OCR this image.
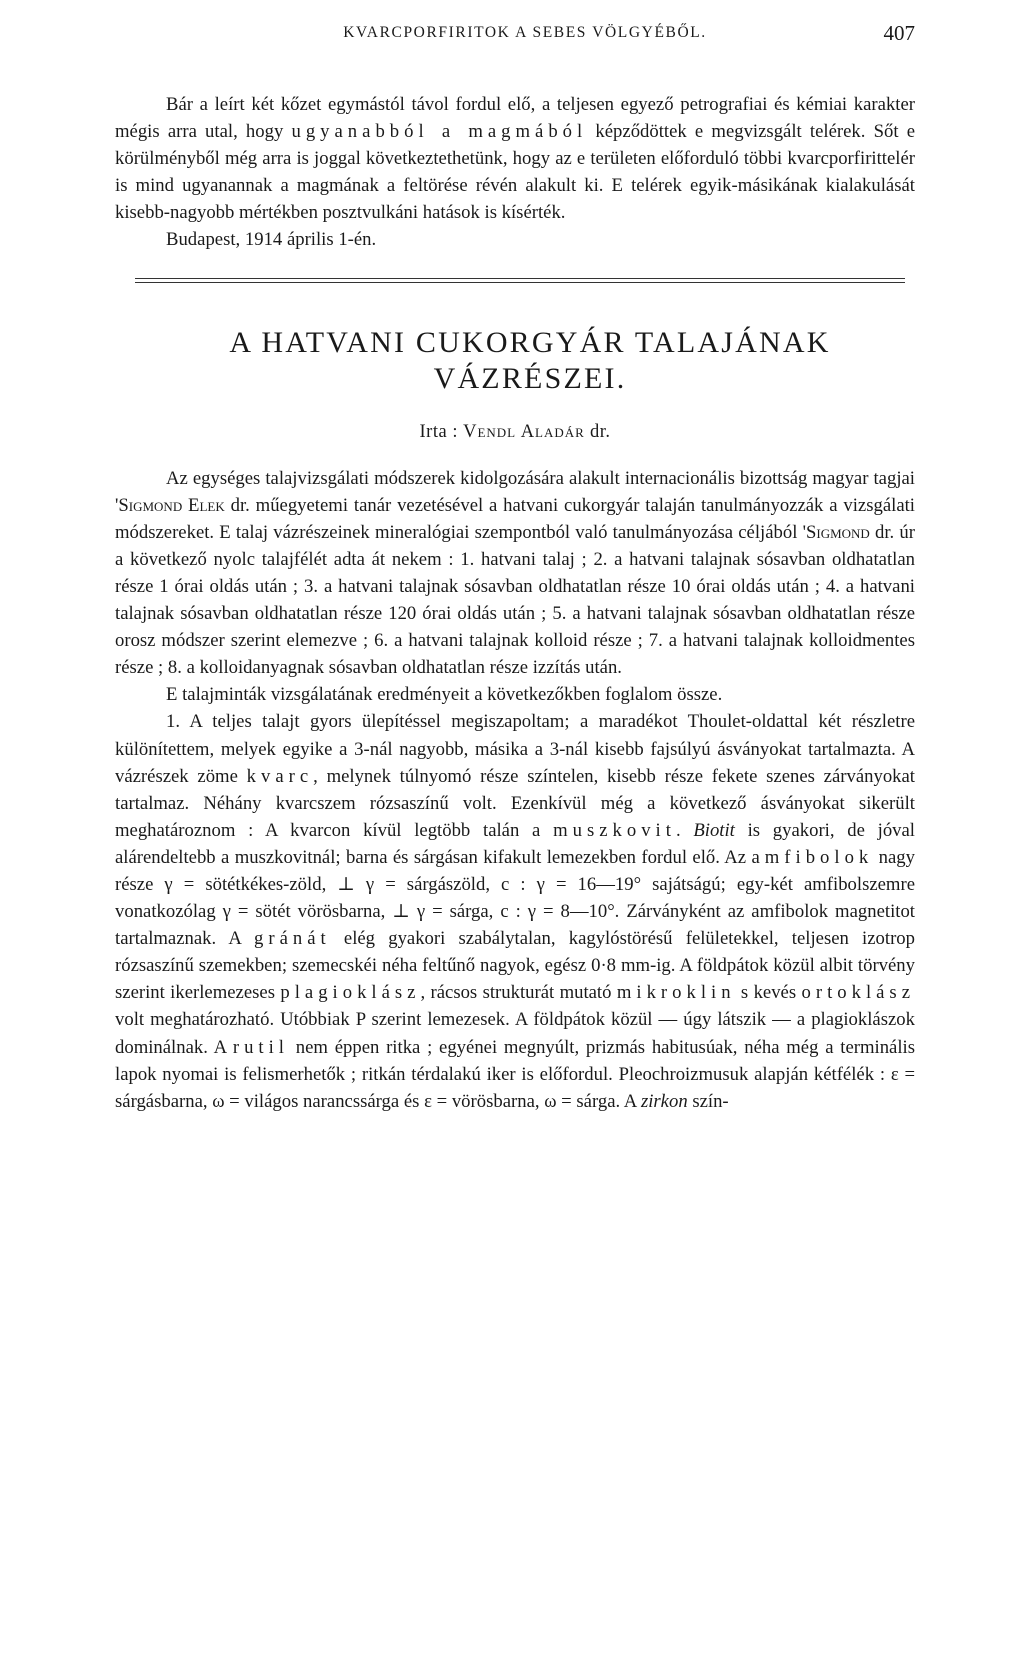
KVARCPORFIRITOK A SEBES VÖLGYÉBŐL.	407

Bár a leírt két kőzet egymástól távol fordul elő, a teljesen egyező petrografiai és kémiai karakter mégis arra utal, hogy ugyanabból a magmából képződöttek e megvizsgált telérek. Sőt e körülményből még arra is joggal következtethetünk, hogy az e területen előforduló többi kvarcporfirittelér is mind ugyanannak a magmának a feltörése révén alakult ki. E telérek egyik-másikának kialakulását kisebb-nagyobb mértékben posztvulkáni hatások is kísérték.

Budapest, 1914 április 1-én.

A HATVANI CUKORGYÁR TALAJÁNAK VÁZRÉSZEI.
Irta : Vendl Aladár dr.

Az egységes talajvizsgálati módszerek kidolgozására alakult internacionális bizottság magyar tagjai 'Sigmond Elek dr. műegyetemi tanár vezetésével a hatvani cukorgyár talaján tanulmányozzák a vizsgálati módszereket. E talaj vázrészeinek mineralógiai szempontból való tanulmányozása céljából 'Sigmond dr. úr a következő nyolc talajfélét adta át nekem : 1. hatvani talaj ; 2. a hatvani talajnak sósavban oldhatatlan része 1 órai oldás után ; 3. a hatvani talajnak sósavban oldhatatlan része 10 órai oldás után ; 4. a hatvani talajnak sósavban oldhatatlan része 120 órai oldás után ; 5. a hatvani talajnak sósavban oldhatatlan része orosz módszer szerint elemezve ; 6. a hatvani talajnak kolloid része ; 7. a hatvani talajnak kolloidmentes része ; 8. a kolloidanyagnak sósavban oldhatatlan része izzítás után.

E talajminták vizsgálatának eredményeit a következőkben foglalom össze.

1. A teljes talajt gyors ülepítéssel megiszapoltam; a maradékot Thoulet-oldattal két részletre különítettem, melyek egyike a 3-nál nagyobb, másika a 3-nál kisebb fajsúlyú ásványokat tartalmazta. A vázrészek zöme kvarc, melynek túlnyomó része színtelen, kisebb része fekete szenes zárványokat tartalmaz. Néhány kvarcszem rózsaszínű volt. Ezenkívül még a következő ásványokat sikerült meghatároznom : A kvarcon kívül legtöbb talán a muszkovit. Biotit is gyakori, de jóval alárendeltebb a muszkovitnál; barna és sárgásan kifakult lemezekben fordul elő. Az amfibolok nagy része γ = sötétkékes-zöld, ⊥ γ = sárgászöld, c : γ = 16—19° sajátságú; egy-két amfibolszemre vonatkozólag γ = sötét vörösbarna, ⊥ γ = sárga, c : γ = 8—10°. Zárványként az amfibolok magnetitot tartalmaznak. A gránát elég gyakori szabálytalan, kagylóstörésű felületekkel, teljesen izotrop rózsaszínű szemekben; szemecskéi néha feltűnő nagyok, egész 0·8 mm-ig. A földpátok közül albit törvény szerint ikerlemezeses plagioklász, rácsos strukturát mutató mikroklin s kevés ortoklász volt meghatározható. Utóbbiak P szerint lemezesek. A földpátok közül — úgy látszik — a plagioklászok dominálnak. A rutil nem éppen ritka ; egyénei megnyúlt, prizmás habitusúak, néha még a terminális lapok nyomai is felismerhetők ; ritkán térdalakú iker is előfordul. Pleochroizmusuk alapján kétfélék : ε = sárgásbarna, ω = világos narancssárga és ε = vörösbarna, ω = sárga. A zirkon szín-
